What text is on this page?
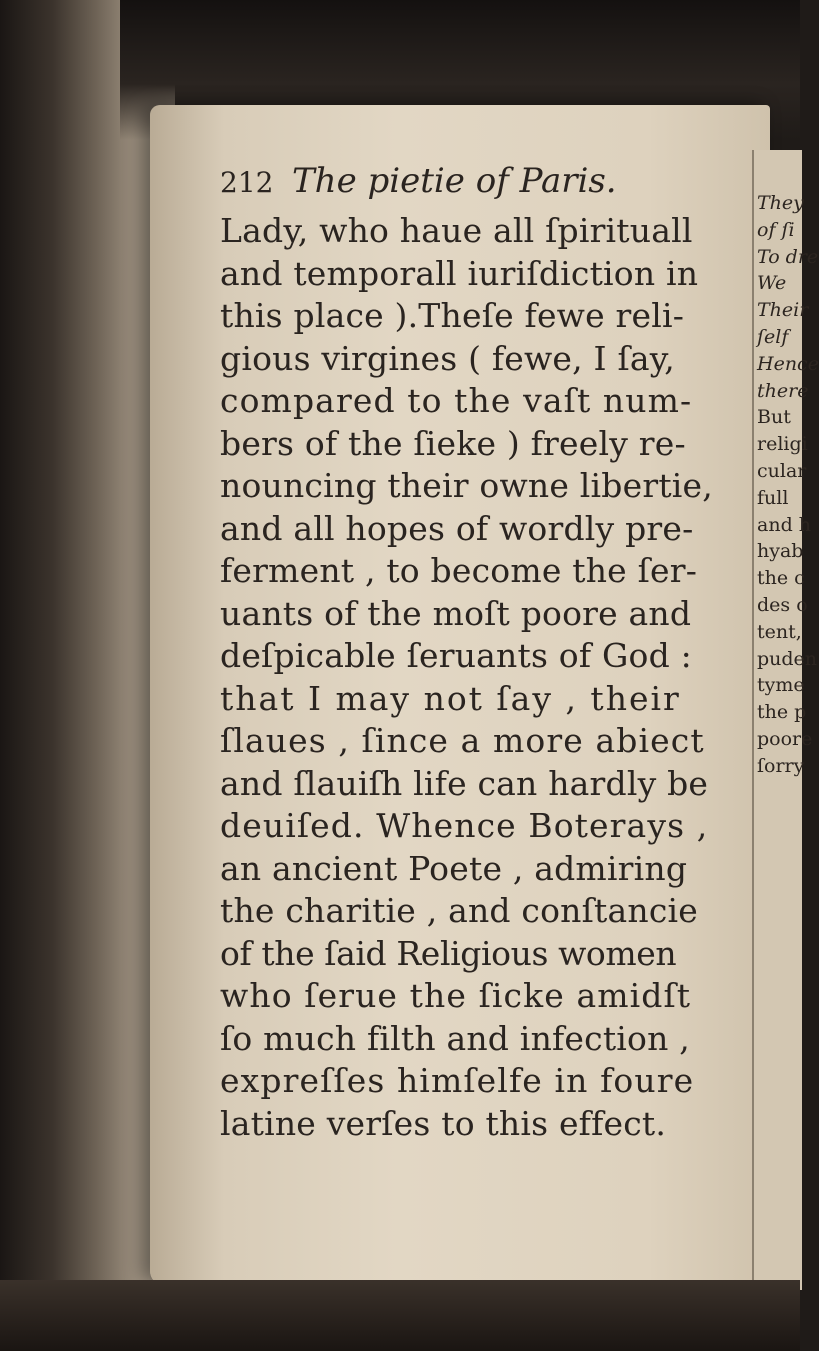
212 The pietie of Paris.
Lady, who haue all ſpirituall
and temporall iuriſdiction in
this place ).Theſe fewe reli-
gious virgines ( fewe, I ſay,
compared to the vaſt num-
bers of the ſieke ) freely re-
nouncing their owne libertie,
and all hopes of wordly pre-
ferment , to become the ſer-
uants of the moſt poore and
deſpicable ſeruants of God :
that I may not ſay , their
ſlaues , ſince a more abiect
and ſlauiſh life can hardly be
deuiſed. Whence Boterays ,
an ancient Poete , admiring
the charitie , and conſtancie
of the ſaid Religious women
who ſerue the ſicke amidſt
ſo much filth and infection ,
expreſſes himſelfe in foure
latine verſes to this effect.
They
of ſi
To dre
We
Their
ſelf
Hence
there
But
religi
cular
full
and h
hyab
the c
des o
tent,
puden
tyme
the p
poore
ſorry
